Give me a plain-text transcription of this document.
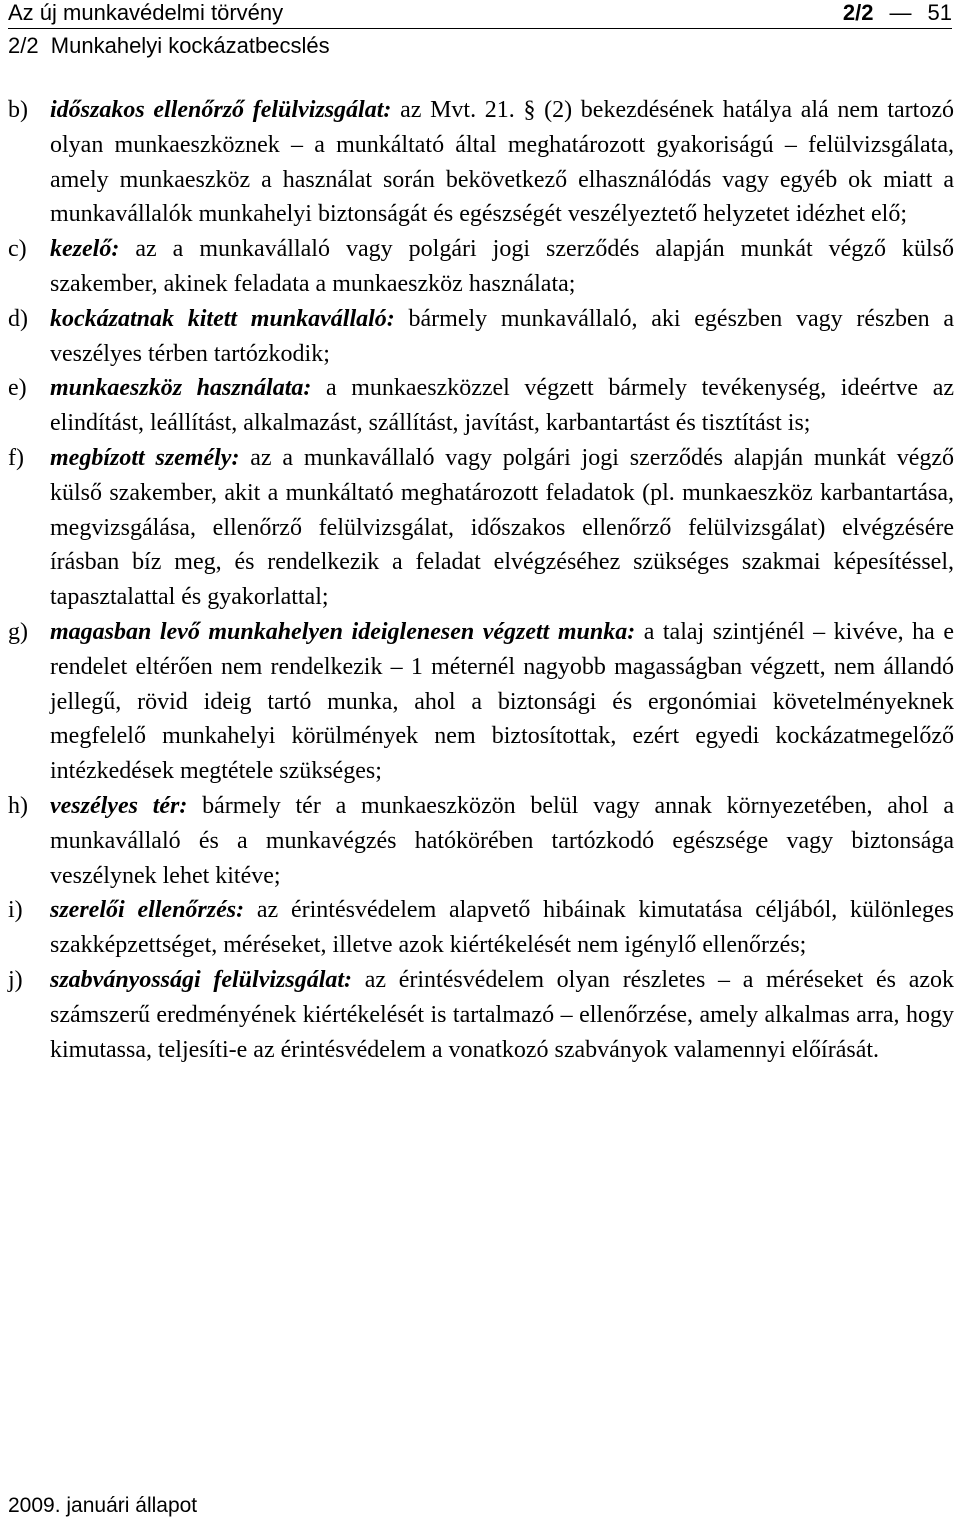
Az új munkavédelmi törvény	2/2 — 51
2/2  Munkahelyi kockázatbecslés
b) időszakos ellenőrző felülvizsgálat: az Mvt. 21. § (2) bekezdésének hatálya alá nem tartozó olyan munkaeszköznek – a munkáltató által meghatározott gyakoriságú – felülvizsgálata, amely munkaeszköz a használat során bekövetkező elhasználódás vagy egyéb ok miatt a munkavállalók munkahelyi biztonságát és egészségét veszélyeztető helyzetet idézhet elő;
c) kezelő: az a munkavállaló vagy polgári jogi szerződés alapján munkát végző külső szakember, akinek feladata a munkaeszköz használata;
d) kockázatnak kitett munkavállaló: bármely munkavállaló, aki egészben vagy részben a veszélyes térben tartózkodik;
e) munkaeszköz használata: a munkaeszközzel végzett bármely tevékenység, ideértve az elindítást, leállítást, alkalmazást, szállítást, javítást, karbantartást és tisztítást is;
f) megbízott személy: az a munkavállaló vagy polgári jogi szerződés alapján munkát végző külső szakember, akit a munkáltató meghatározott feladatok (pl. munkaeszköz karbantartása, megvizsgálása, ellenőrző felülvizsgálat, időszakos ellenőrző felülvizsgálat) elvégzésére írásban bíz meg, és rendelkezik a feladat elvégzéséhez szükséges szakmai képesítéssel, tapasztalattal és gyakorlattal;
g) magasban levő munkahelyen ideiglenesen végzett munka: a talaj szintjénél – kivéve, ha e rendelet eltérően nem rendelkezik – 1 méternél nagyobb magasságban végzett, nem állandó jellegű, rövid ideig tartó munka, ahol a biztonsági és ergonómiai követelményeknek megfelelő munkahelyi körülmények nem biztosítottak, ezért egyedi kockázatmegelőző intézkedések megtétele szükséges;
h) veszélyes tér: bármely tér a munkaeszközön belül vagy annak környezetében, ahol a munkavállaló és a munkavégzés hatókörében tartózkodó egészsége vagy biztonsága veszélynek lehet kitéve;
i) szerelői ellenőrzés: az érintésvédelem alapvető hibáinak kimutatása céljából, különleges szakképzettséget, méréseket, illetve azok kiértékelését nem igénylő ellenőrzés;
j) szabványossági felülvizsgálat: az érintésvédelem olyan részletes – a méréseket és azok számszerű eredményének kiértékelését is tartalmazó – ellenőrzése, amely alkalmas arra, hogy kimutassa, teljesíti-e az érintésvédelem a vonatkozó szabványok valamennyi előírását.
2009. januári állapot
